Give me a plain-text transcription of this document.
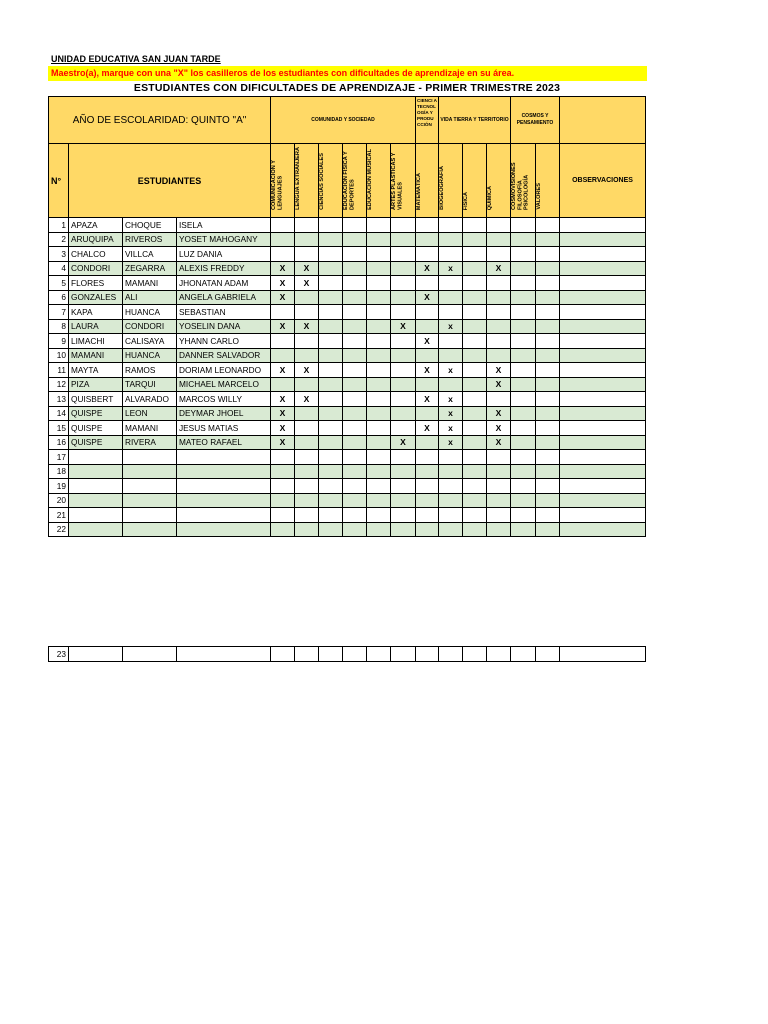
UNIDAD EDUCATIVA SAN JUAN TARDE
Maestro(a), marque con una "X" los casilleros de los estudiantes con dificultades de aprendizaje en su área.
ESTUDIANTES CON DIFICULTADES DE APRENDIZAJE - PRIMER TRIMESTRE 2023
AÑO DE ESCOLARIDAD: QUINTO "A"				COMUNIDAD Y SOCIEDAD						CIENCI A TECNOL OGÍA Y PRODU CCIÓN	VIDA TIERRA Y TERRITORIO			COSMOS Y PENSAMIENTO		
N°	ESTUDIANTES			COMUNICACIÓN Y LENGUAJES	LENGUA EXTRANJERA	CIENCIAS SOCIALES	EDUCACIÓN FÍSICA Y DEPORTES	EDUCACIÓN MUSICAL	ARTES PLÁSTICAS Y VISUALES	MATEMÁTICA	BIOGEOGRAFÍA	FÍSICA	QUÍMICA	COSMOVISIONES FILOSOFÍA PSICOLOGÍA	VALORES	OBSERVACIONES
1	APAZA	CHOQUE	ISELA													
2	ARUQUIPA	RIVEROS	YOSET MAHOGANY													
3	CHALCO	VILLCA	LUZ DANIA													
4	CONDORI	ZEGARRA	ALEXIS FREDDY	X	X					X	x		X			
5	FLORES	MAMANI	JHONATAN ADAM	X	X											
6	GONZALES	ALI	ANGELA GABRIELA	X						X						
7	KAPA	HUANCA	SEBASTIAN													
8	LAURA	CONDORI	YOSELIN DANA	X	X				X		x					
9	LIMACHI	CALISAYA	YHANN CARLO							X						
10	MAMANI	HUANCA	DANNER SALVADOR													
11	MAYTA	RAMOS	DORIAM LEONARDO	X	X					X	x		X			
12	PIZA	TARQUI	MICHAEL MARCELO										X			
13	QUISBERT	ALVARADO	MARCOS WILLY	X	X					X	x					
14	QUISPE	LEON	DEYMAR JHOEL	X							x		X			
15	QUISPE	MAMANI	JESUS MATIAS	X						X	x		X			
16	QUISPE	RIVERA	MATEO RAFAEL	X					X		x		X			
17																
18																
19																
20																
21																
22																
23																
